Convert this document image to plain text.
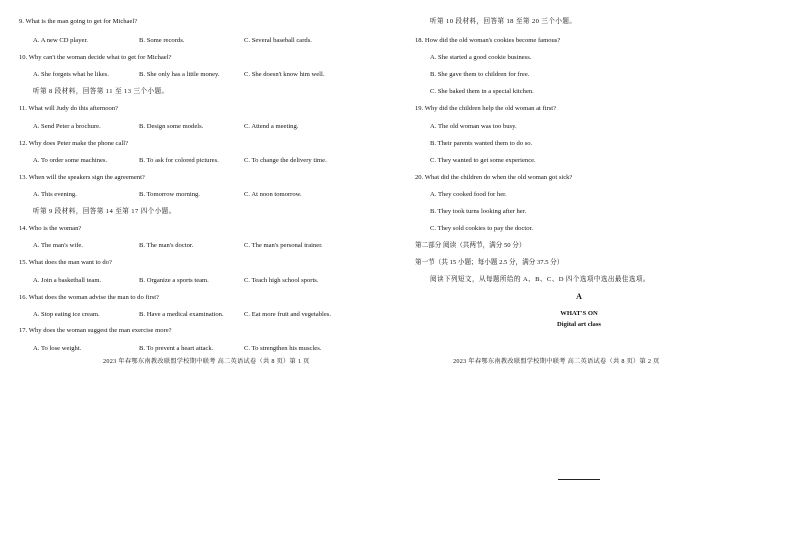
9. What is the man going to get for Michael?
A. A new CD player.	B. Some records.	C. Several baseball cards.
10. Why can't the woman decide what to get for Michael?
A. She forgets what he likes.	B. She only has a little money.	C. She doesn't know him well.
听第 8 段材料，回答第 11 至 13 三个小题。
11. What will Judy do this afternoon?
A. Send Peter a brochure.	B. Design some models.	C. Attend a meeting.
12. Why does Peter make the phone call?
A. To order some machines.	B. To ask for colored pictures.	C. To change the delivery time.
13. When will the speakers sign the agreement?
A. This evening.	B. Tomorrow morning.	C. At noon tomorrow.
听第 9 段材料，回答第 14 至第 17 四个小题。
14. Who is the woman?
A. The man's wife.	B. The man's doctor.	C. The man's personal trainer.
15. What does the man want to do?
A. Join a basketball team.	B. Organize a sports team.	C. Teach high school sports.
16. What does the woman advise the man to do first?
A. Stop eating ice cream.	B. Have a medical examination.	C. Eat more fruit and vegetables.
17. Why does the woman suggest the man exercise more?
A. To lose weight.	B. To prevent a heart attack.	C. To strengthen his muscles.
2023 年春鄂东南教改联盟学校期中联考 高二英语试卷（共 8 页）第 1 页
听第 10 段材料，回答第 18 至第 20 三个小题。
18. How did the old woman's cookies become famous?
A. She started a good cookie business.
B. She gave them to children for free.
C. She baked them in a special kitchen.
19. Why did the children help the old woman at first?
A. The old woman was too busy.
B. Their parents wanted them to do so.
C. They wanted to get some experience.
20. What did the children do when the old woman got sick?
A. They cooked food for her.
B. They took turns looking after her.
C. They sold cookies to pay the doctor.
第二部分 阅读（共两节，满分 50 分）
第一节（共 15 小题；每小题 2.5 分，满分 37.5 分）
阅读下列短文，从每题所给的 A、B、C、D 四个选项中选出最佳选项。
A
WHAT'S ON
Digital art class
2023 年春鄂东南教改联盟学校期中联考 高二英语试卷（共 8 页）第 2 页
